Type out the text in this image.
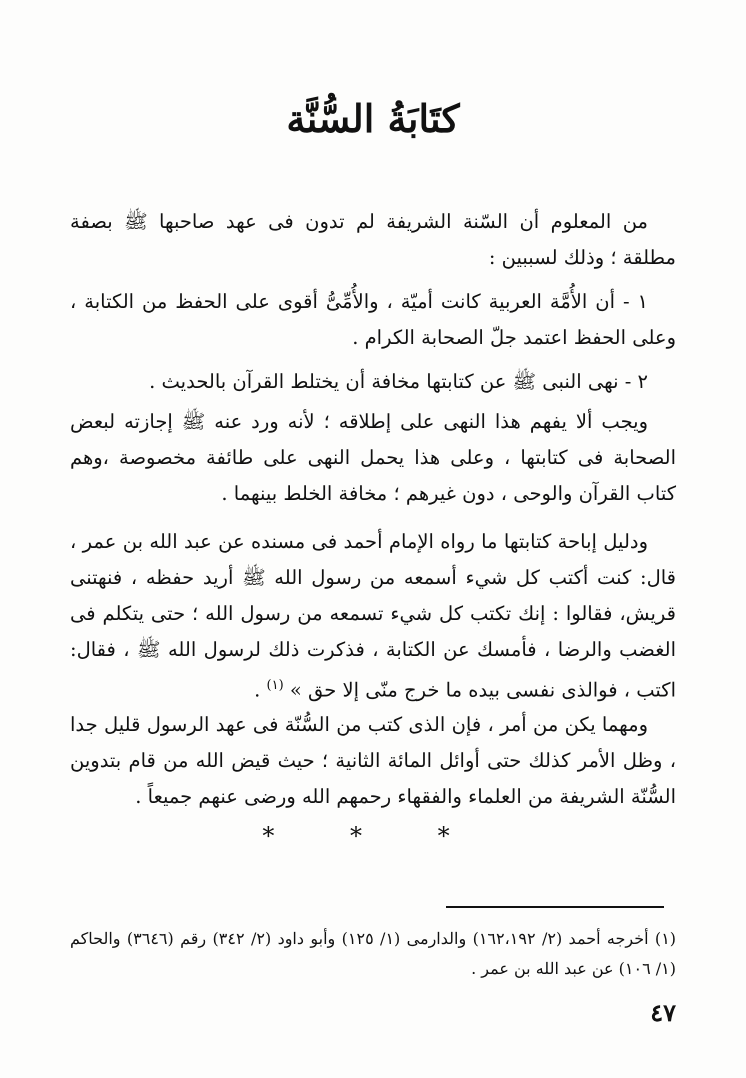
كتَابَةُ السُّنَّة
من المعلوم أن السّنة الشريفة لم تدون فى عهد صاحبها ﷺ بصفة مطلقة ؛ وذلك لسببين :
١ - أن الأُمَّة العربية كانت أميّة ، والأُمِّىُّ أقوى على الحفظ من الكتابة ، وعلى الحفظ اعتمد جلّ الصحابة الكرام .
٢ - نهى النبى ﷺ عن كتابتها مخافة أن يختلط القرآن بالحديث .
ويجب ألا يفهم هذا النهى على إطلاقه ؛ لأنه ورد عنه ﷺ إجازته لبعض الصحابة فى كتابتها ، وعلى هذا يحمل النهى على طائفة مخصوصة ،وهم كتاب القرآن والوحى ، دون غيرهم ؛ مخافة الخلط بينهما .
ودليل إباحة كتابتها ما رواه الإمام أحمد فى مسنده عن عبد الله بن عمر ، قال: كنت أكتب كل شيء أسمعه من رسول الله ﷺ أريد حفظه ، فنهتنى قريش، فقالوا : إنك تكتب كل شيء تسمعه من رسول الله ؛ حتى يتكلم فى الغضب والرضا ، فأمسك عن الكتابة ، فذكرت ذلك لرسول الله ﷺ ، فقال: اكتب ، فوالذى نفسى بيده ما خرج منّى إلا حق » $^{(١)}$ .
ومهما يكن من أمر ، فإن الذى كتب من السُّنّة فى عهد الرسول قليل جدا ، وظل الأمر كذلك حتى أوائل المائة الثانية ؛ حيث قيض الله من قام بتدوين السُّنّة الشريفة من العلماء والفقهاء رحمهم الله ورضى عنهم جميعاً .
* * *
(١) أخرجه أحمد (٢/ ١٦٢،١٩٢) والدارمى (١/ ١٢٥) وأبو داود (٢/ ٣٤٢) رقم (٣٦٤٦) والحاكم (١/ ١٠٦) عن عبد الله بن عمر .
٤٧
